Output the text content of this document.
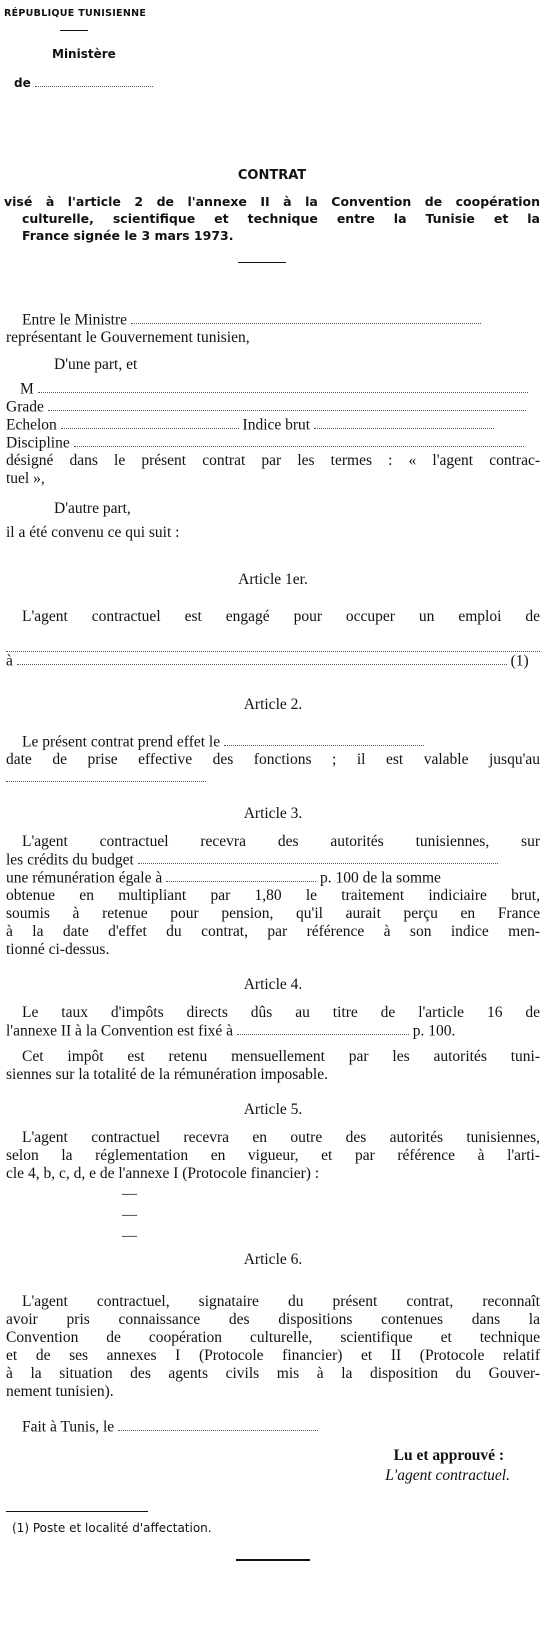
RÉPUBLIQUE TUNISIENNE
Ministère
de
CONTRAT
visé à l'article 2 de l'annexe II à la Convention de coopération
culturelle, scientifique et technique entre la Tunisie et la
France signée le 3 mars 1973.
Entre le Ministre
représentant le Gouvernement tunisien,
D'une part, et
M
Grade
Echelon	Indice brut
Discipline
désigné dans le présent contrat par les termes : « l'agent contrac-
tuel »,
D'autre part,
il a été convenu ce qui suit :
Article 1er.
L'agent contractuel est engagé pour occuper un emploi de
à	(1)
Article 2.
Le présent contrat prend effet le
date de prise effective des fonctions ; il est valable jusqu'au
Article 3.
L'agent contractuel recevra des autorités tunisiennes, sur
les crédits du budget
une rémunération égale à	p. 100 de la somme
obtenue en multipliant par 1,80 le traitement indiciaire brut,
soumis à retenue pour pension, qu'il aurait perçu en France
à la date d'effet du contrat, par référence à son indice men-
tionné ci-dessus.
Article 4.
Le taux d'impôts directs dûs au titre de l'article 16 de
l'annexe II à la Convention est fixé à	p. 100.
Cet impôt est retenu mensuellement par les autorités tuni-
siennes sur la totalité de la rémunération imposable.
Article 5.
L'agent contractuel recevra en outre des autorités tunisiennes,
selon la réglementation en vigueur, et par référence à l'arti-
cle 4, b, c, d, e de l'annexe I (Protocole financier) :
—
—
—
Article 6.
L'agent contractuel, signataire du présent contrat, reconnaît
avoir pris connaissance des dispositions contenues dans la
Convention de coopération culturelle, scientifique et technique
et de ses annexes I (Protocole financier) et II (Protocole relatif
à la situation des agents civils mis à la disposition du Gouver-
nement tunisien).
Fait à Tunis, le
Lu et approuvé :
L'agent contractuel.
(1) Poste et localité d'affectation.
